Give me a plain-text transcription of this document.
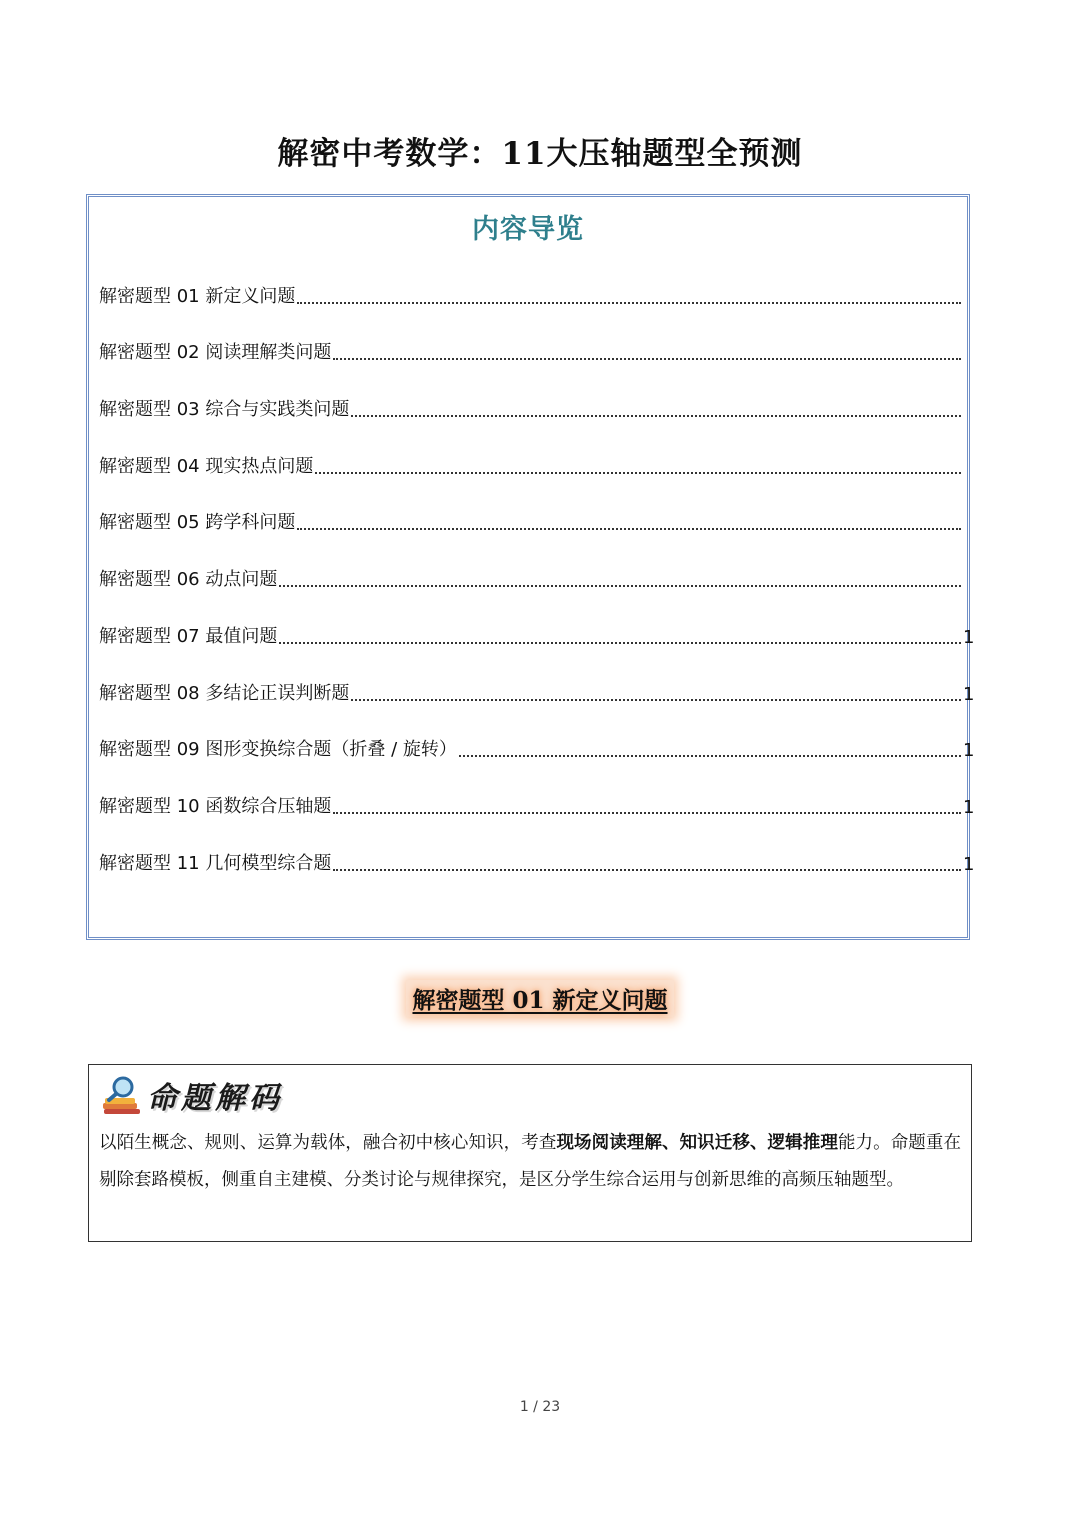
解密中考数学：11大压轴题型全预测
内容导览
解密题型 01 新定义问题
解密题型 02 阅读理解类问题
解密题型 03 综合与实践类问题
解密题型 04 现实热点问题
解密题型 05 跨学科问题
解密题型 06 动点问题
解密题型 07 最值问题	1
解密题型 08 多结论正误判断题	1
解密题型 09 图形变换综合题（折叠 / 旋转）	1
解密题型 10 函数综合压轴题	1
解密题型 11 几何模型综合题	1
解密题型 01 新定义问题
命题解码

以陌生概念、规则、运算为载体，融合初中核心知识，考查现场阅读理解、知识迁移、逻辑推理能力。命题重在剔除套路模板，侧重自主建模、分类讨论与规律探究，是区分学生综合运用与创新思维的高频压轴题型。

1 / 23
